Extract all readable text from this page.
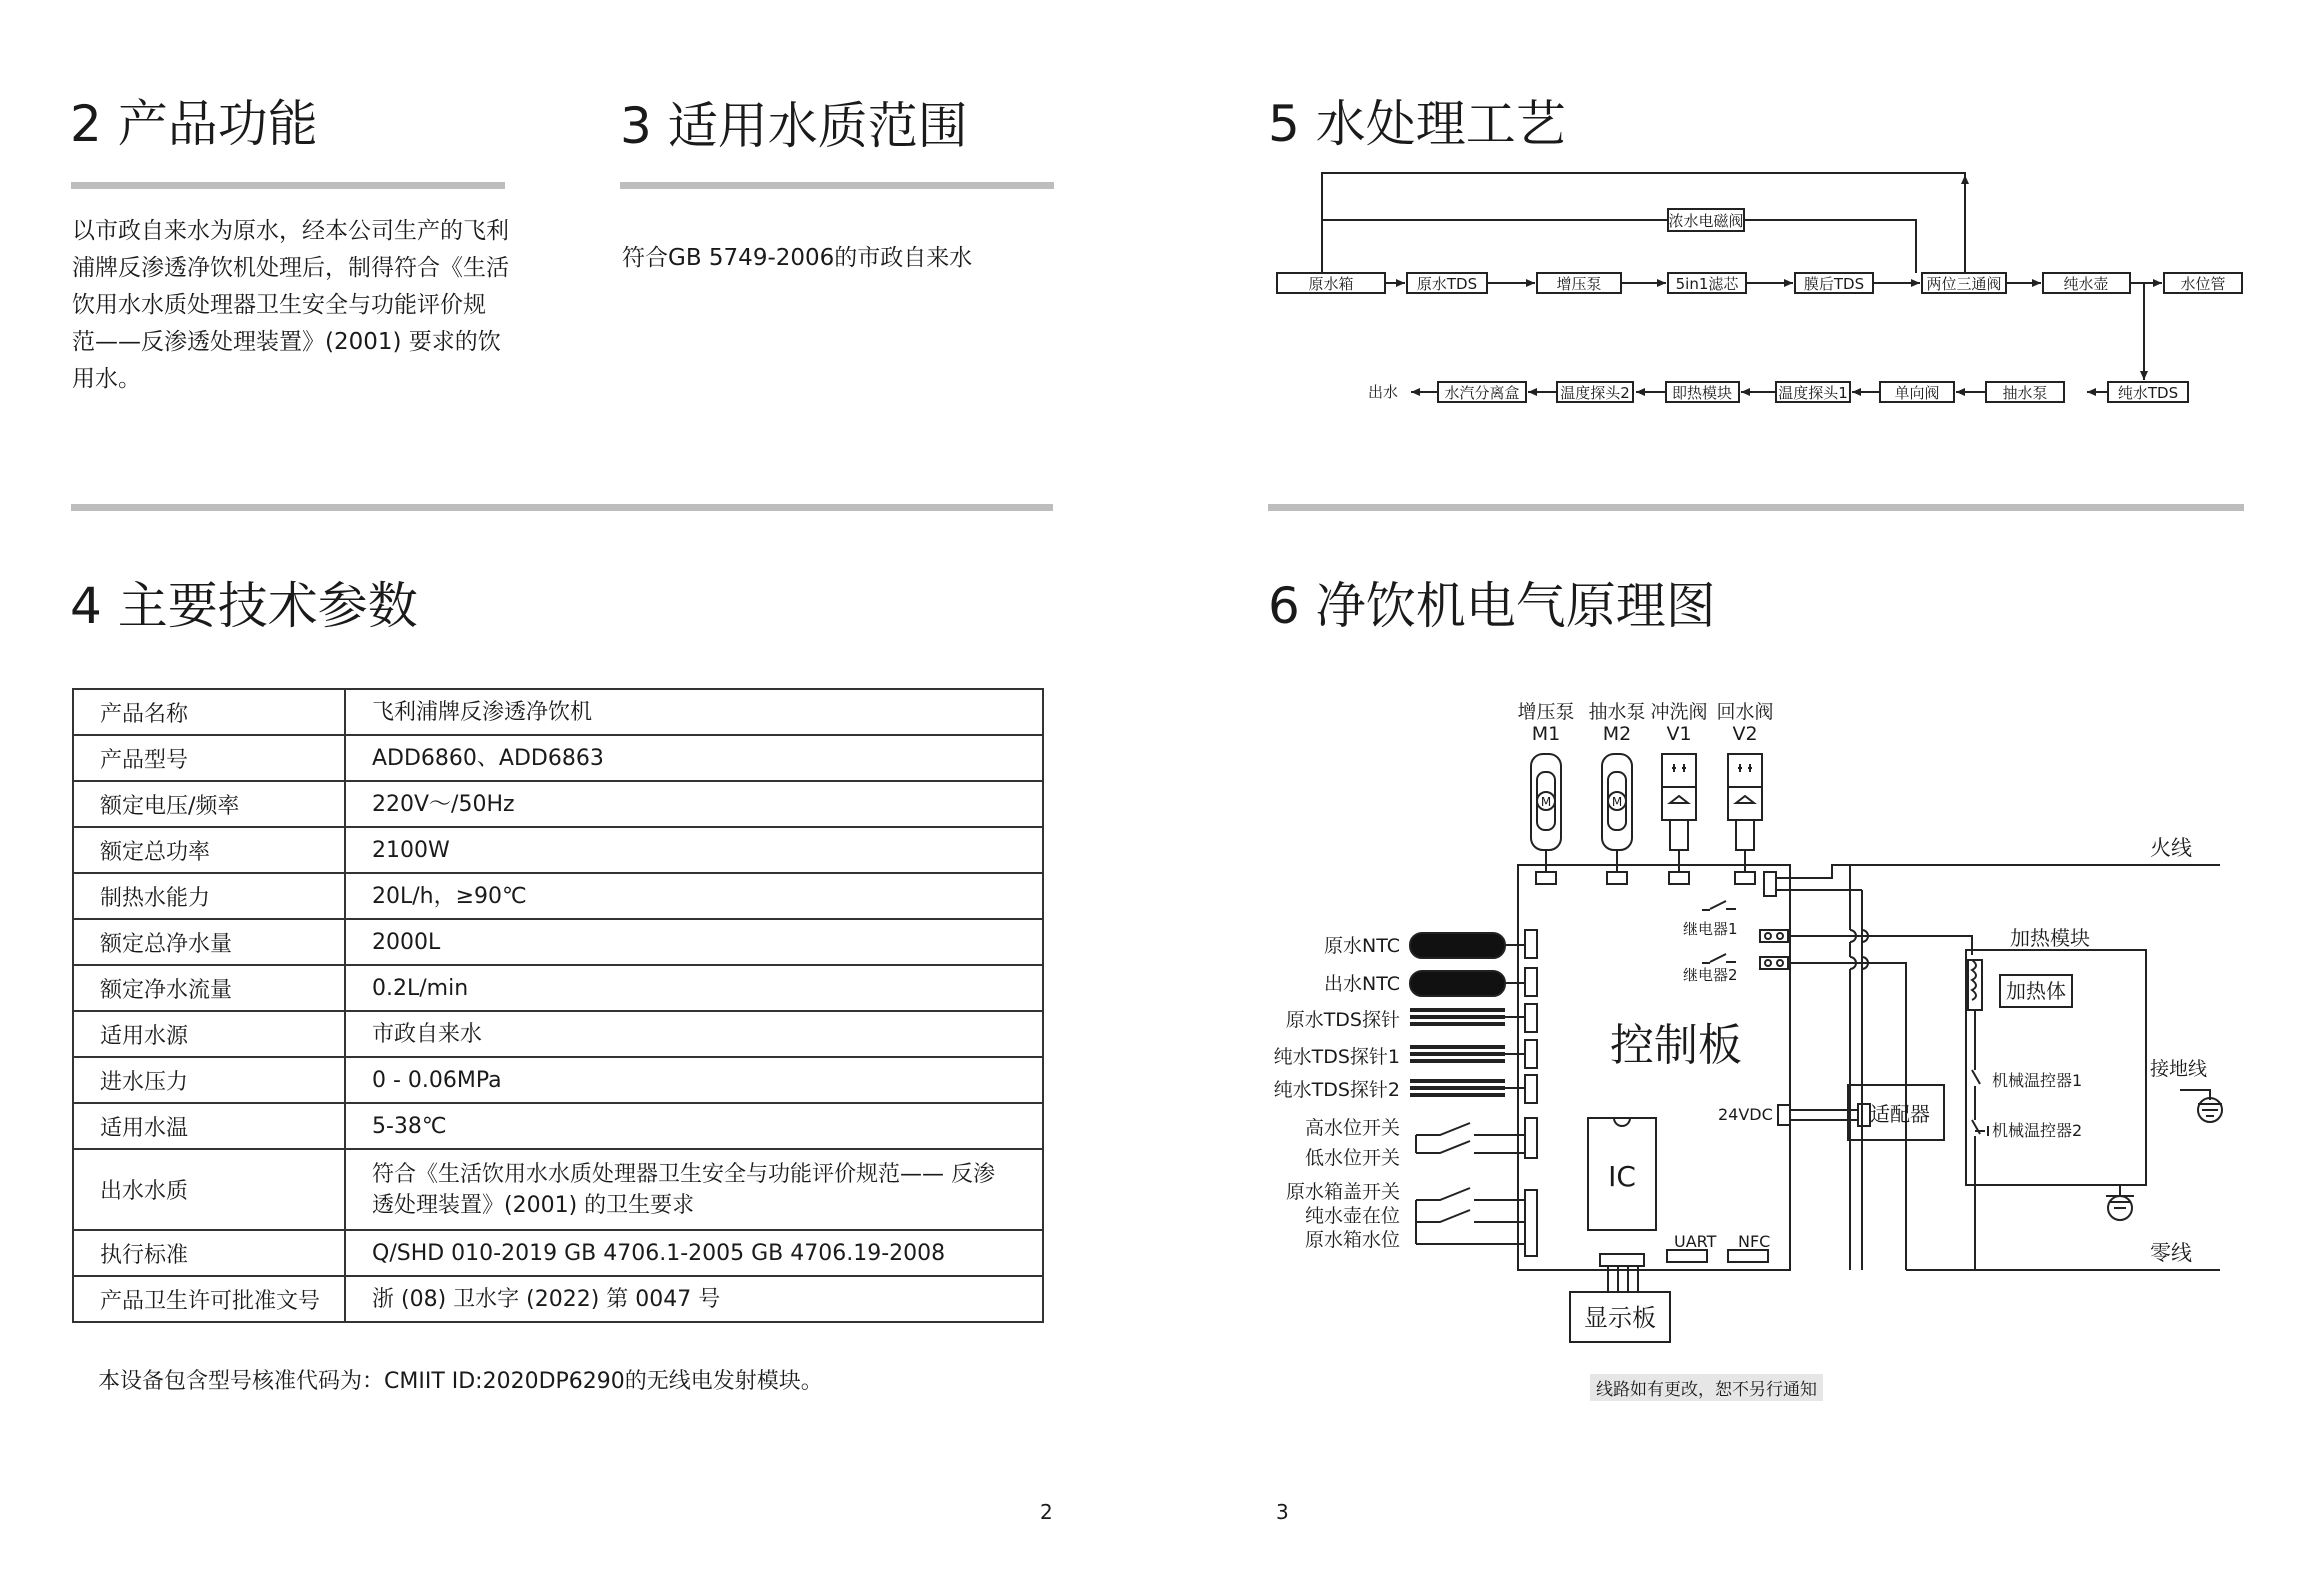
2 产品功能
以市政自来水为原水，经本公司生产的飞利
浦牌反渗透净饮机处理后，制得符合《生活
饮用水水质处理器卫生安全与功能评价规
范——反渗透处理装置》(2001) 要求的饮
用水。
3 适用水质范围
符合GB 5749-2006的市政自来水
4 主要技术参数
产品名称	飞利浦牌反渗透净饮机
产品型号	ADD6860、ADD6863
额定电压/频率	220V～/50Hz
额定总功率	2100W
制热水能力	20L/h，≥90℃
额定总净水量	2000L
额定净水流量	0.2L/min
适用水源	市政自来水
进水压力	0 - 0.06MPa
适用水温	5-38℃
出水水质	符合《生活饮用水水质处理器卫生安全与功能评价规范—— 反渗
透处理装置》(2001) 的卫生要求

执行标准	Q/SHD 010-2019 GB 4706.1-2005 GB 4706.19-2008
产品卫生许可批准文号	浙 (08) 卫水字 (2022) 第 0047 号
本设备包含型号核准代码为：CMIIT ID:2020DP6290的无线电发射模块。
5 水处理工艺
浓水电磁阀
原水箱	原水TDS	增压泵	5in1滤芯	膜后TDS	两位三通阀	纯水壶	水位管
纯水TDS
抽水泵
单向阀
温度探头1
即热模块
温度探头2
水汽分离盒
出水
6 净饮机电气原理图
增压泵
M1
抽水泵
M2
冲洗阀
V1
回水阀
V2
M	M
原水NTC
出水NTC
原水TDS探针
纯水TDS探针1
纯水TDS探针2
高水位开关
低水位开关
原水箱盖开关
纯水壶在位
原水箱水位
继电器1
继电器2
24VDC
UART NFC
控制板
IC
显示板
适配器
加热体
加热模块
机械温控器1
机械温控器2
火线
零线
接地线
线路如有更改，恕不另行通知
2	3
